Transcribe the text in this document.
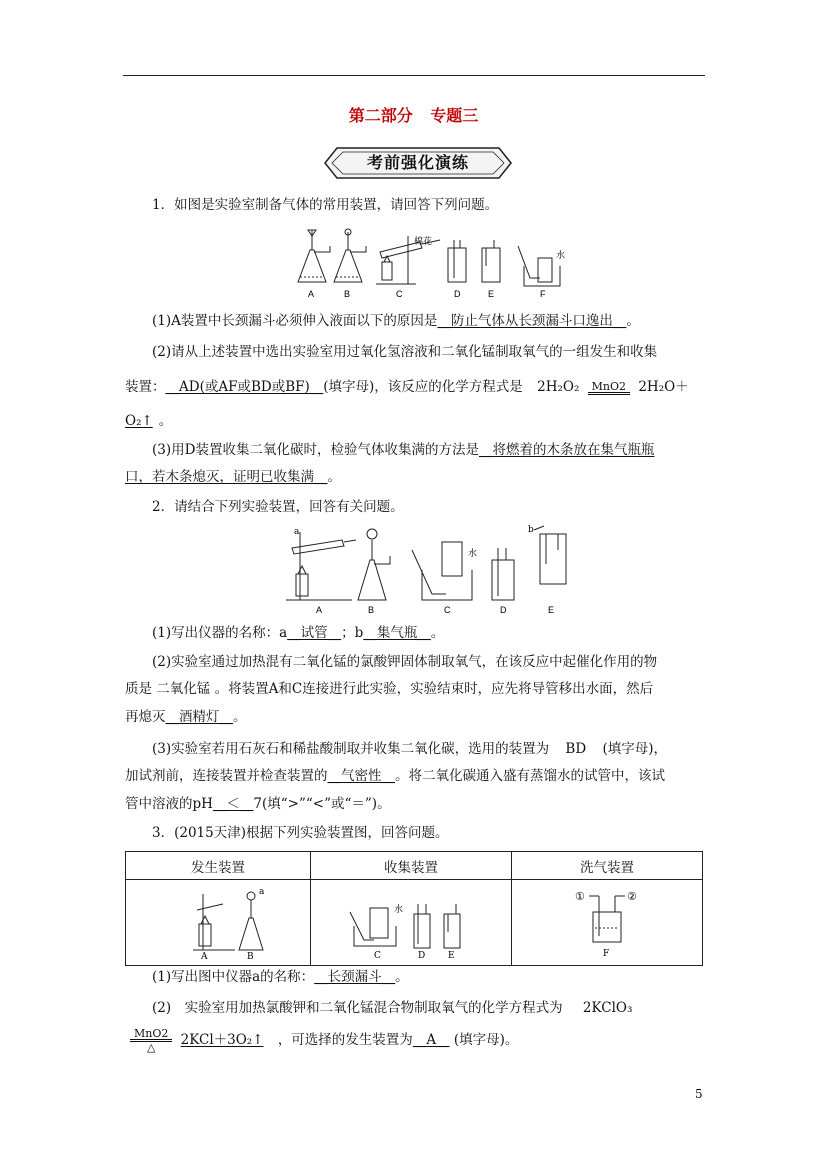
第二部分 专题三
考前强化演练
1．如图是实验室制备气体的常用装置，请回答下列问题。
棉花
水
A	B	C	D	E	F
(1)A装置中长颈漏斗必须伸入液面以下的原因是__防止气体从长颈漏斗口逸出__。
(2)请从上述装置中选出实验室用过氧化氢溶液和二氧化锰制取氧气的一组发生和收集
装置：__AD(或AF或BD或BF)__(填字母)，该反应的化学方程式是 2H₂O₂	MnO2 2H₂O＋
O₂↑ 。
(3)用D装置收集二氧化碳时，检验气体收集满的方法是__将燃着的木条放在集气瓶瓶
口，若木条熄灭，证明已收集满__。
2．请结合下列实验装置，回答有关问题。
a	b
水
A	B	C	D	E
(1)写出仪器的名称：a__试管__；b__集气瓶__。
(2)实验室通过加热混有二氧化锰的氯酸钾固体制取氧气，在该反应中起催化作用的物
质是 二氧化锰 。将装置A和C连接进行此实验，实验结束时，应先将导管移出水面，然后
再熄灭__酒精灯__。
(3)实验室若用石灰石和稀盐酸制取并收集二氧化碳，选用的装置为 BD (填字母)，
加试剂前，连接装置并检查装置的__气密性__。将二氧化碳通入盛有蒸馏水的试管中，该试
管中溶液的pH__＜__7(填“>”“<”或“＝”)。
3．(2015天津)根据下列实验装置图，回答问题。
发生装置	收集装置	洗气装置

a
A B	水
C D E	① ②
F
(1)写出图中仪器a的名称：__长颈漏斗__。
(2)　实验室用加热氯酸钾和二氧化锰混合物制取氧气的化学方程式为 2KClO₃
$\frac{\text{MnO2}}{\triangle}$ 2KCl＋3O₂↑ ，可选择的发生装置为__A__ (填字母)。
5
